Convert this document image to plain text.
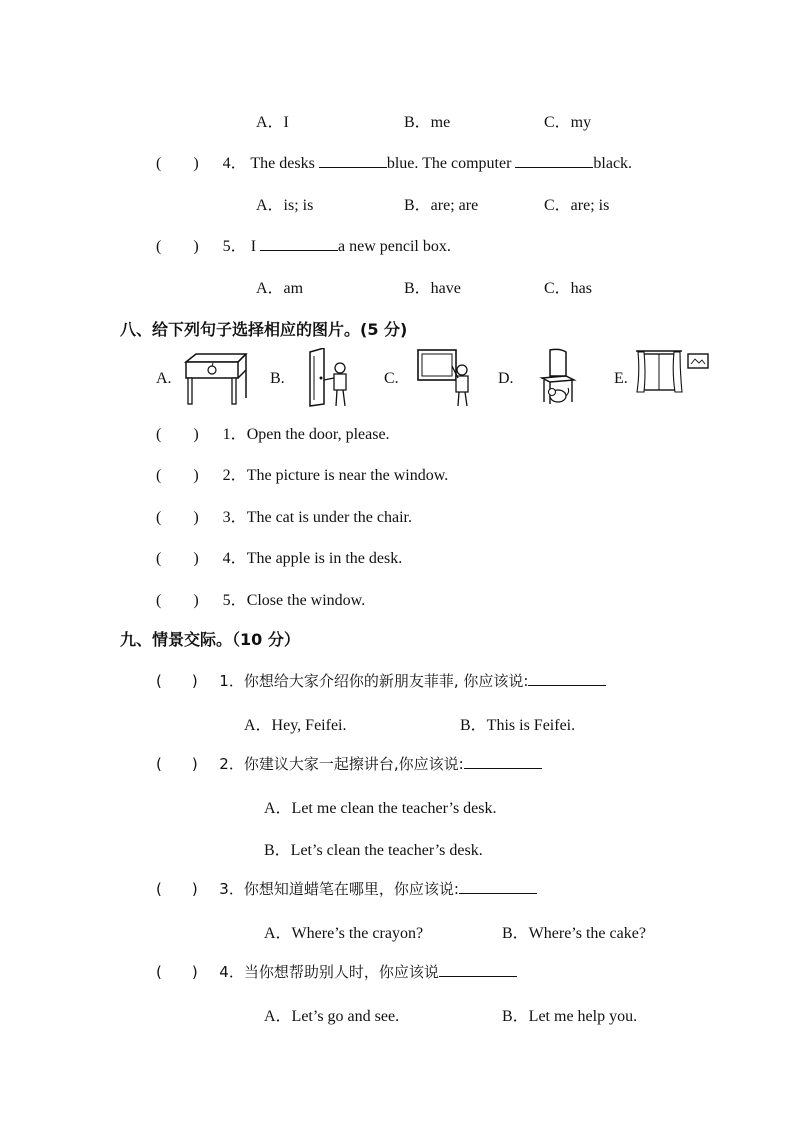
A．I	B．me	C．my
(　　) 4． The desks	blue. The computer	black.
A．is; is	B．are; are	C．are; is
(　　) 5． I	a new pencil box.
A．am	B．have	C．has
八、给下列句子选择相应的图片。(5 分)
A.	B.	C.	D.	E.
(　　) 1．Open the door, please.
(　　) 2．The picture is near the window.
(　　) 3．The cat is under the chair.
(　　) 4．The apple is in the desk.
(　　) 5．Close the window.
九、情景交际。（10 分）
(　　) 1．你想给大家介绍你的新朋友菲菲, 你应该说:
A．Hey, Feifei.	B．This is Feifei.
(　　) 2．你建议大家一起擦讲台,你应该说:
A．Let me clean the teacher’s desk.
B．Let’s clean the teacher’s desk.
(　　) 3．你想知道蜡笔在哪里，你应该说:
A．Where’s the crayon?	B．Where’s the cake?
(　　) 4．当你想帮助别人时，你应该说
A．Let’s go and see.	B．Let me help you.
